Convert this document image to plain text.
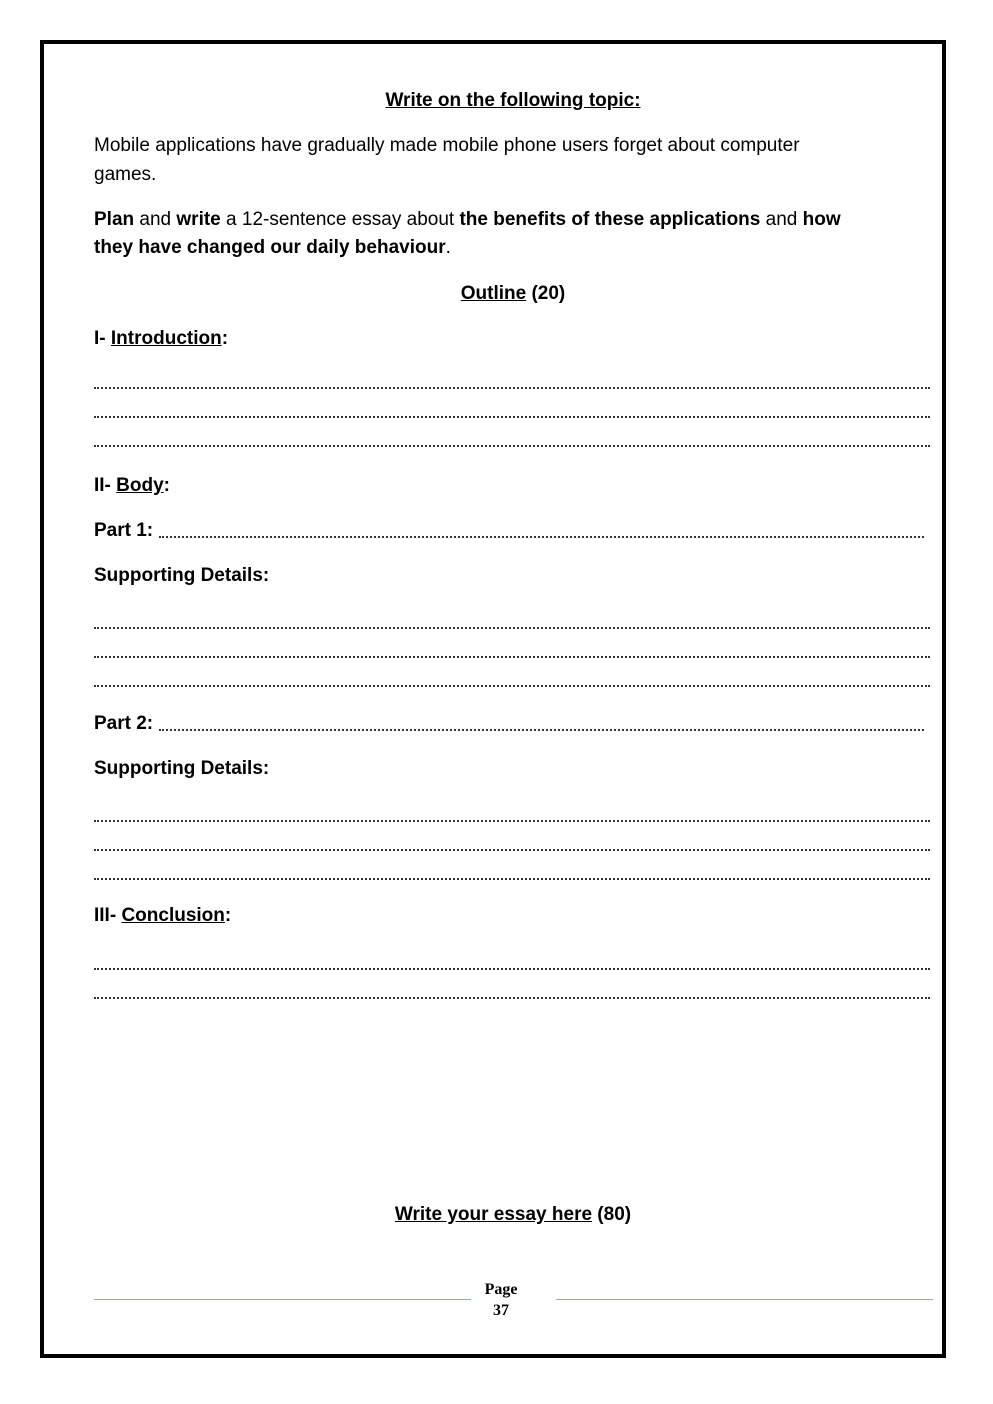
Write on the following topic:
Mobile applications have gradually made mobile phone users forget about computer
games.
Plan and write a 12-sentence essay about the benefits of these applications and how
they have changed our daily behaviour.
Outline (20)
I- Introduction:
II- Body:
Part 1:
Supporting Details:
Part 2:
Supporting Details:
III- Conclusion:
Write your essay here (80)
Page
37
